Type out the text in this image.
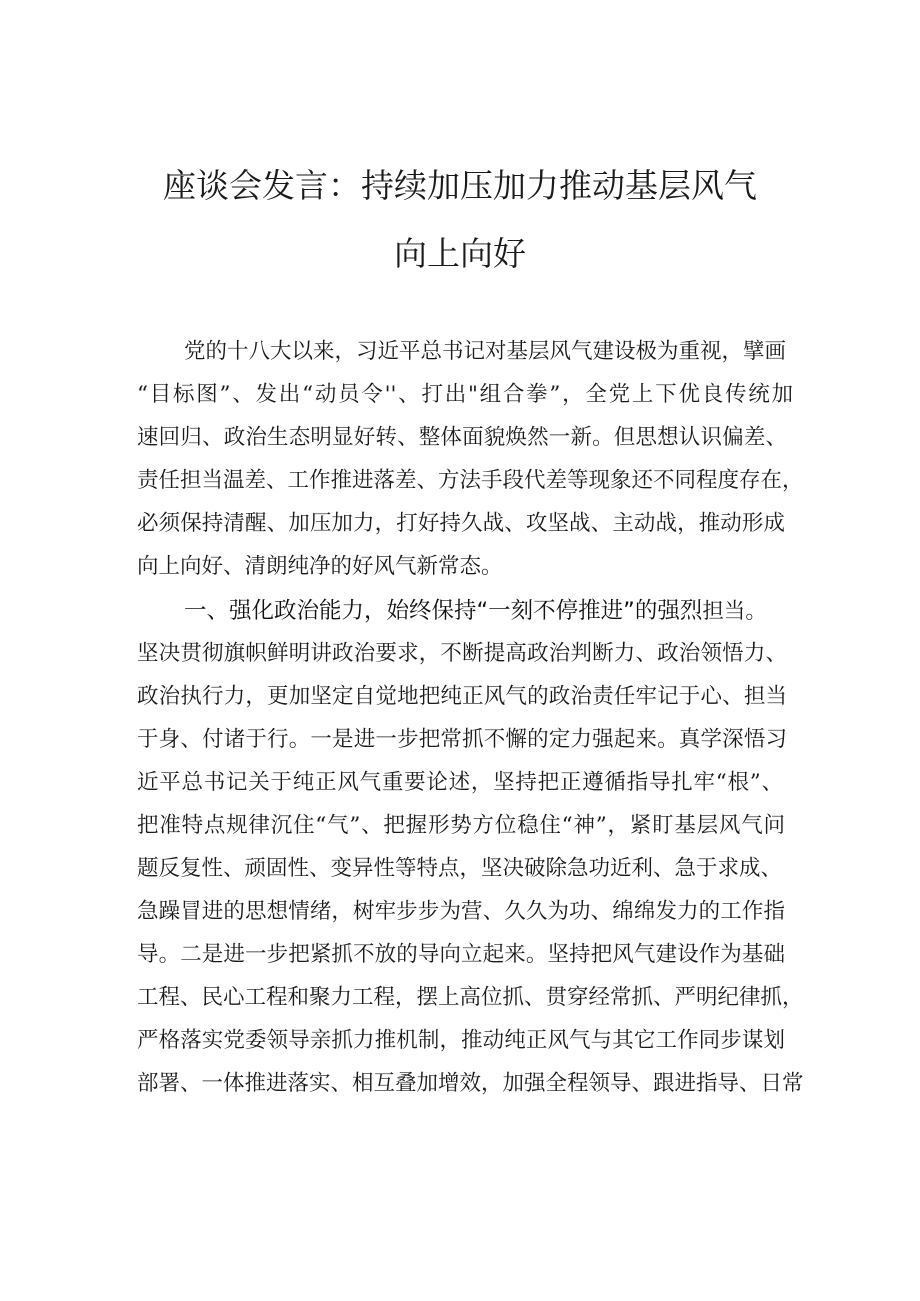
座谈会发言：持续加压加力推动基层风气
向上向好
党的十八大以来，习近平总书记对基层风气建设极为重视，擘画
“目标图”、发出“动员令''、打出"组合拳”，全党上下优良传统加
速回归、政治生态明显好转、整体面貌焕然一新。但思想认识偏差、
责任担当温差、工作推进落差、方法手段代差等现象还不同程度存在，
必须保持清醒、加压加力，打好持久战、攻坚战、主动战，推动形成
向上向好、清朗纯净的好风气新常态。
一、强化政治能力，始终保持“一刻不停推进”的强烈担当。
坚决贯彻旗帜鲜明讲政治要求，不断提高政治判断力、政治领悟力、
政治执行力，更加坚定自觉地把纯正风气的政治责任牢记于心、担当
于身、付诸于行。一是进一步把常抓不懈的定力强起来。真学深悟习
近平总书记关于纯正风气重要论述，坚持把正遵循指导扎牢“根”、
把准特点规律沉住“气”、把握形势方位稳住“神”，紧盯基层风气问
题反复性、顽固性、变异性等特点，坚决破除急功近利、急于求成、
急躁冒进的思想情绪，树牢步步为营、久久为功、绵绵发力的工作指
导。二是进一步把紧抓不放的导向立起来。坚持把风气建设作为基础
工程、民心工程和聚力工程，摆上高位抓、贯穿经常抓、严明纪律抓，
严格落实党委领导亲抓力推机制，推动纯正风气与其它工作同步谋划
部署、一体推进落实、相互叠加增效，加强全程领导、跟进指导、日常
